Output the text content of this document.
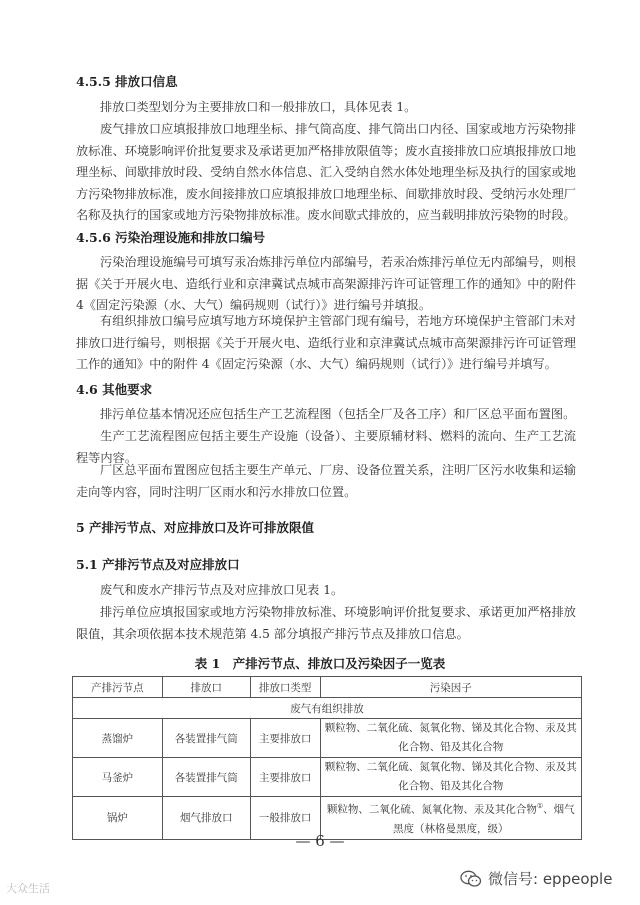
4.5.5 排放口信息
排放口类型划分为主要排放口和一般排放口，具体见表 1。
废气排放口应填报排放口地理坐标、排气筒高度、排气筒出口内径、国家或地方污染物排放标准、环境影响评价批复要求及承诺更加严格排放限值等；废水直接排放口应填报排放口地理坐标、间歇排放时段、受纳自然水体信息、汇入受纳自然水体处地理坐标及执行的国家或地方污染物排放标准，废水间接排放口应填报排放口地理坐标、间歇排放时段、受纳污水处理厂名称及执行的国家或地方污染物排放标准。废水间歇式排放的，应当载明排放污染物的时段。
4.5.6 污染治理设施和排放口编号
污染治理设施编号可填写汞冶炼排污单位内部编号，若汞冶炼排污单位无内部编号，则根据《关于开展火电、造纸行业和京津冀试点城市高架源排污许可证管理工作的通知》中的附件 4《固定污染源（水、大气）编码规则（试行）》进行编号并填报。
有组织排放口编号应填写地方环境保护主管部门现有编号，若地方环境保护主管部门未对排放口进行编号，则根据《关于开展火电、造纸行业和京津冀试点城市高架源排污许可证管理工作的通知》中的附件 4《固定污染源（水、大气）编码规则（试行）》进行编号并填写。
4.6 其他要求
排污单位基本情况还应包括生产工艺流程图（包括全厂及各工序）和厂区总平面布置图。
生产工艺流程图应包括主要生产设施（设备）、主要原辅材料、燃料的流向、生产工艺流程等内容。
厂区总平面布置图应包括主要生产单元、厂房、设备位置关系，注明厂区污水收集和运输走向等内容，同时注明厂区雨水和污水排放口位置。
5 产排污节点、对应排放口及许可排放限值
5.1 产排污节点及对应排放口
废气和废水产排污节点及对应排放口见表 1。
排污单位应填报国家或地方污染物排放标准、环境影响评价批复要求、承诺更加严格排放限值，其余项依据本技术规范第 4.5 部分填报产排污节点及排放口信息。
表 1　产排污节点、排放口及污染因子一览表
产排污节点	排放口	排放口类型	污染因子
废气有组织排放			
蒸馏炉	各装置排气筒	主要排放口	颗粒物、二氧化硫、氮氧化物、锑及其化合物、汞及其化合物、铅及其化合物
马釜炉	各装置排气筒	主要排放口	颗粒物、二氧化硫、氮氧化物、锑及其化合物、汞及其化合物、铅及其化合物
锅炉	烟气排放口	一般排放口	颗粒物、二氧化硫、氮氧化物、汞及其化合物①、烟气黑度（林格曼黑度，级）
— 6 —
大众生活
微信号: eppeople
